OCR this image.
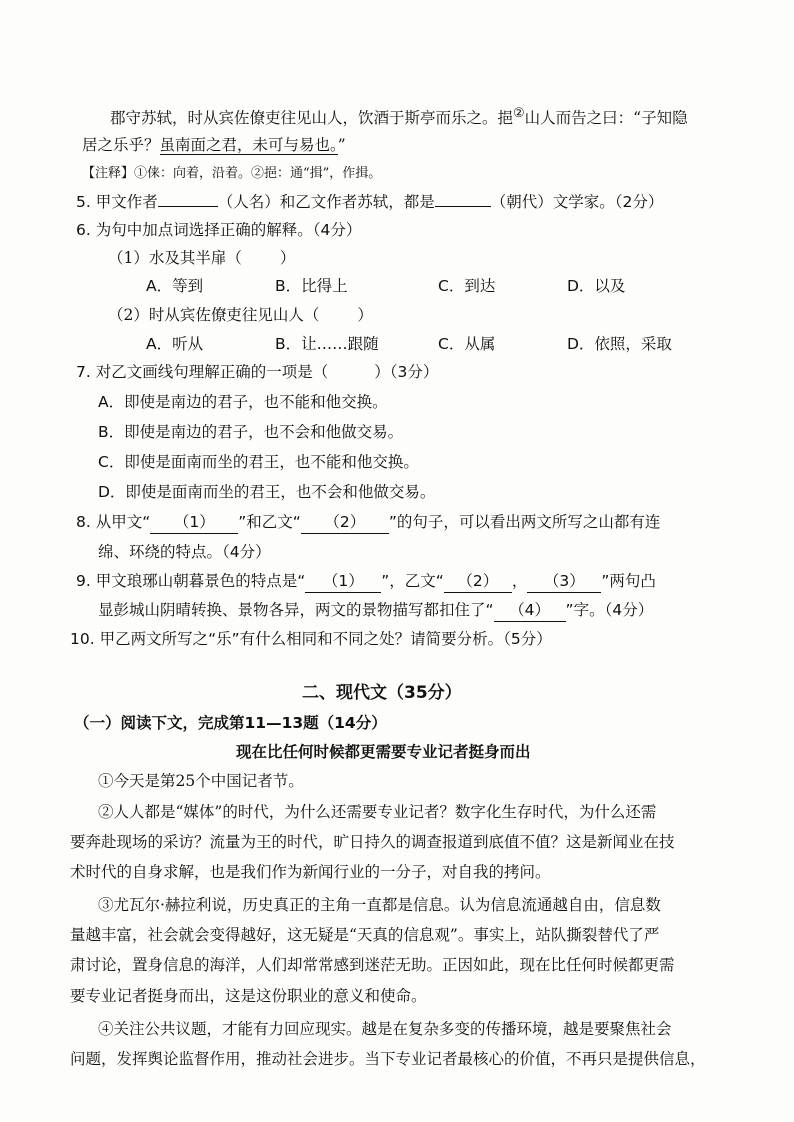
郡守苏轼，时从宾佐僚吏往见山人，饮酒于斯亭而乐之。挹②山人而告之曰：“子知隐
居之乐乎？虽南面之君，未可与易也。”
【注释】①俫：向着，沿着。②挹：通“揖”，作揖。
5. 甲文作者	（人名）和乙文作者苏轼，都是	（朝代）文学家。（2分）
6. 为句中加点词选择正确的解释。（4分）
（1）水及其半扉（ ）
A．等到	B．比得上	C．到达	D．以及
（2）时从宾佐僚吏往见山人（ ）
A．听从	B．让……跟随	C．从属	D．依照，采取
7. 对乙文画线句理解正确的一项是（	）（3分）
A．即使是南边的君子，也不能和他交换。
B．即使是南边的君子，也不会和他做交易。
C．即使是面南而坐的君王，也不能和他交换。
D．即使是面南而坐的君王，也不会和他做交易。
8. 从甲文“ （1） ”和乙文“ （2） ”的句子，可以看出两文所写之山都有连
绵、环绕的特点。（4分）
9. 甲文琅琊山朝暮景色的特点是“ （1） ”，乙文“ （2） ， （3） ”两句凸
显彭城山阴晴转换、景物各异，两文的景物描写都扣住了“ （4） ”字。（4分）
10. 甲乙两文所写之“乐”有什么相同和不同之处？请简要分析。（5分）
二、现代文（35分）
（一）阅读下文，完成第11—13题（14分）
现在比任何时候都更需要专业记者挺身而出
①今天是第25个中国记者节。
②人人都是“媒体”的时代，为什么还需要专业记者？数字化生存时代，为什么还需
要奔赴现场的采访？流量为王的时代，旷日持久的调查报道到底值不值？这是新闻业在技
术时代的自身求解，也是我们作为新闻行业的一分子，对自我的拷问。
③尤瓦尔·赫拉利说，历史真正的主角一直都是信息。认为信息流通越自由，信息数
量越丰富，社会就会变得越好，这无疑是“天真的信息观”。事实上，站队撕裂替代了严
肃讨论，置身信息的海洋，人们却常常感到迷茫无助。正因如此，现在比任何时候都更需
要专业记者挺身而出，这是这份职业的意义和使命。
④关注公共议题，才能有力回应现实。越是在复杂多变的传播环境，越是要聚焦社会
问题，发挥舆论监督作用，推动社会进步。当下专业记者最核心的价值，不再只是提供信息，
